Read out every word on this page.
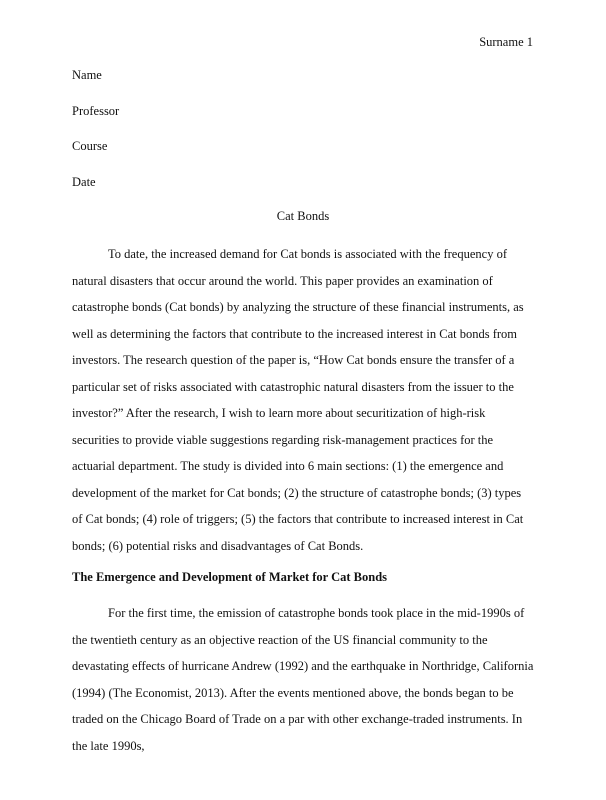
Surname 1
Name
Professor
Course
Date
Cat Bonds
To date, the increased demand for Cat bonds is associated with the frequency of natural disasters that occur around the world. This paper provides an examination of catastrophe bonds (Cat bonds) by analyzing the structure of these financial instruments, as well as determining the factors that contribute to the increased interest in Cat bonds from investors. The research question of the paper is, “How Cat bonds ensure the transfer of a particular set of risks associated with catastrophic natural disasters from the issuer to the investor?” After the research, I wish to learn more about securitization of high-risk securities to provide viable suggestions regarding risk-management practices for the actuarial department. The study is divided into 6 main sections: (1) the emergence and development of the market for Cat bonds; (2) the structure of catastrophe bonds; (3) types of Cat bonds; (4) role of triggers; (5) the factors that contribute to increased interest in Cat bonds; (6) potential risks and disadvantages of Cat Bonds.
The Emergence and Development of Market for Cat Bonds
For the first time, the emission of catastrophe bonds took place in the mid-1990s of the twentieth century as an objective reaction of the US financial community to the devastating effects of hurricane Andrew (1992) and the earthquake in Northridge, California (1994) (The Economist, 2013). After the events mentioned above, the bonds began to be traded on the Chicago Board of Trade on a par with other exchange-traded instruments. In the late 1990s,
